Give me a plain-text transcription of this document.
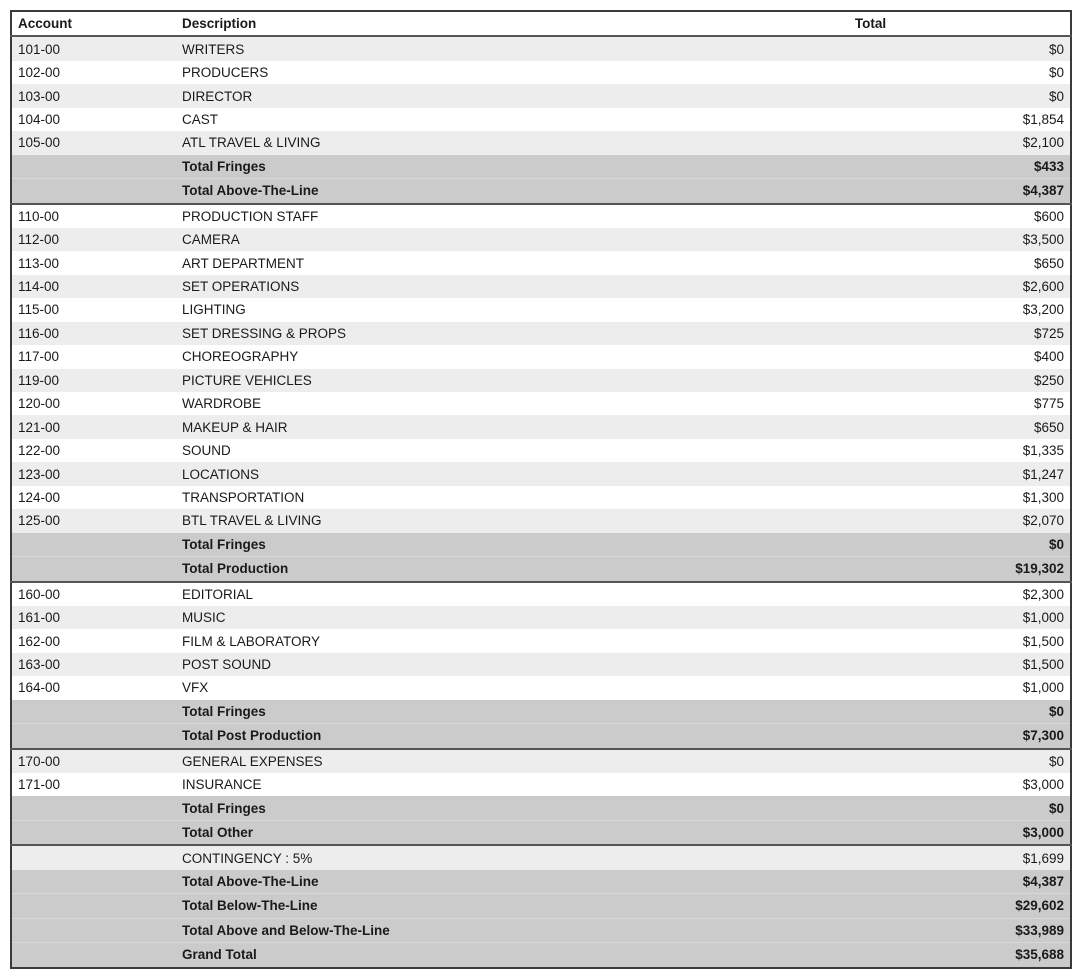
Account	Description	Total
101-00	WRITERS	$0
102-00	PRODUCERS	$0
103-00	DIRECTOR	$0
104-00	CAST	$1,854
105-00	ATL TRAVEL & LIVING	$2,100
	Total Fringes	$433
	Total Above-The-Line	$4,387
110-00	PRODUCTION STAFF	$600
112-00	CAMERA	$3,500
113-00	ART DEPARTMENT	$650
114-00	SET OPERATIONS	$2,600
115-00	LIGHTING	$3,200
116-00	SET DRESSING & PROPS	$725
117-00	CHOREOGRAPHY	$400
119-00	PICTURE VEHICLES	$250
120-00	WARDROBE	$775
121-00	MAKEUP & HAIR	$650
122-00	SOUND	$1,335
123-00	LOCATIONS	$1,247
124-00	TRANSPORTATION	$1,300
125-00	BTL TRAVEL & LIVING	$2,070
	Total Fringes	$0
	Total Production	$19,302
160-00	EDITORIAL	$2,300
161-00	MUSIC	$1,000
162-00	FILM & LABORATORY	$1,500
163-00	POST SOUND	$1,500
164-00	VFX	$1,000
	Total Fringes	$0
	Total Post Production	$7,300
170-00	GENERAL EXPENSES	$0
171-00	INSURANCE	$3,000
	Total Fringes	$0
	Total Other	$3,000
	CONTINGENCY : 5%	$1,699
	Total Above-The-Line	$4,387
	Total Below-The-Line	$29,602
	Total Above and Below-The-Line	$33,989
	Grand Total	$35,688
